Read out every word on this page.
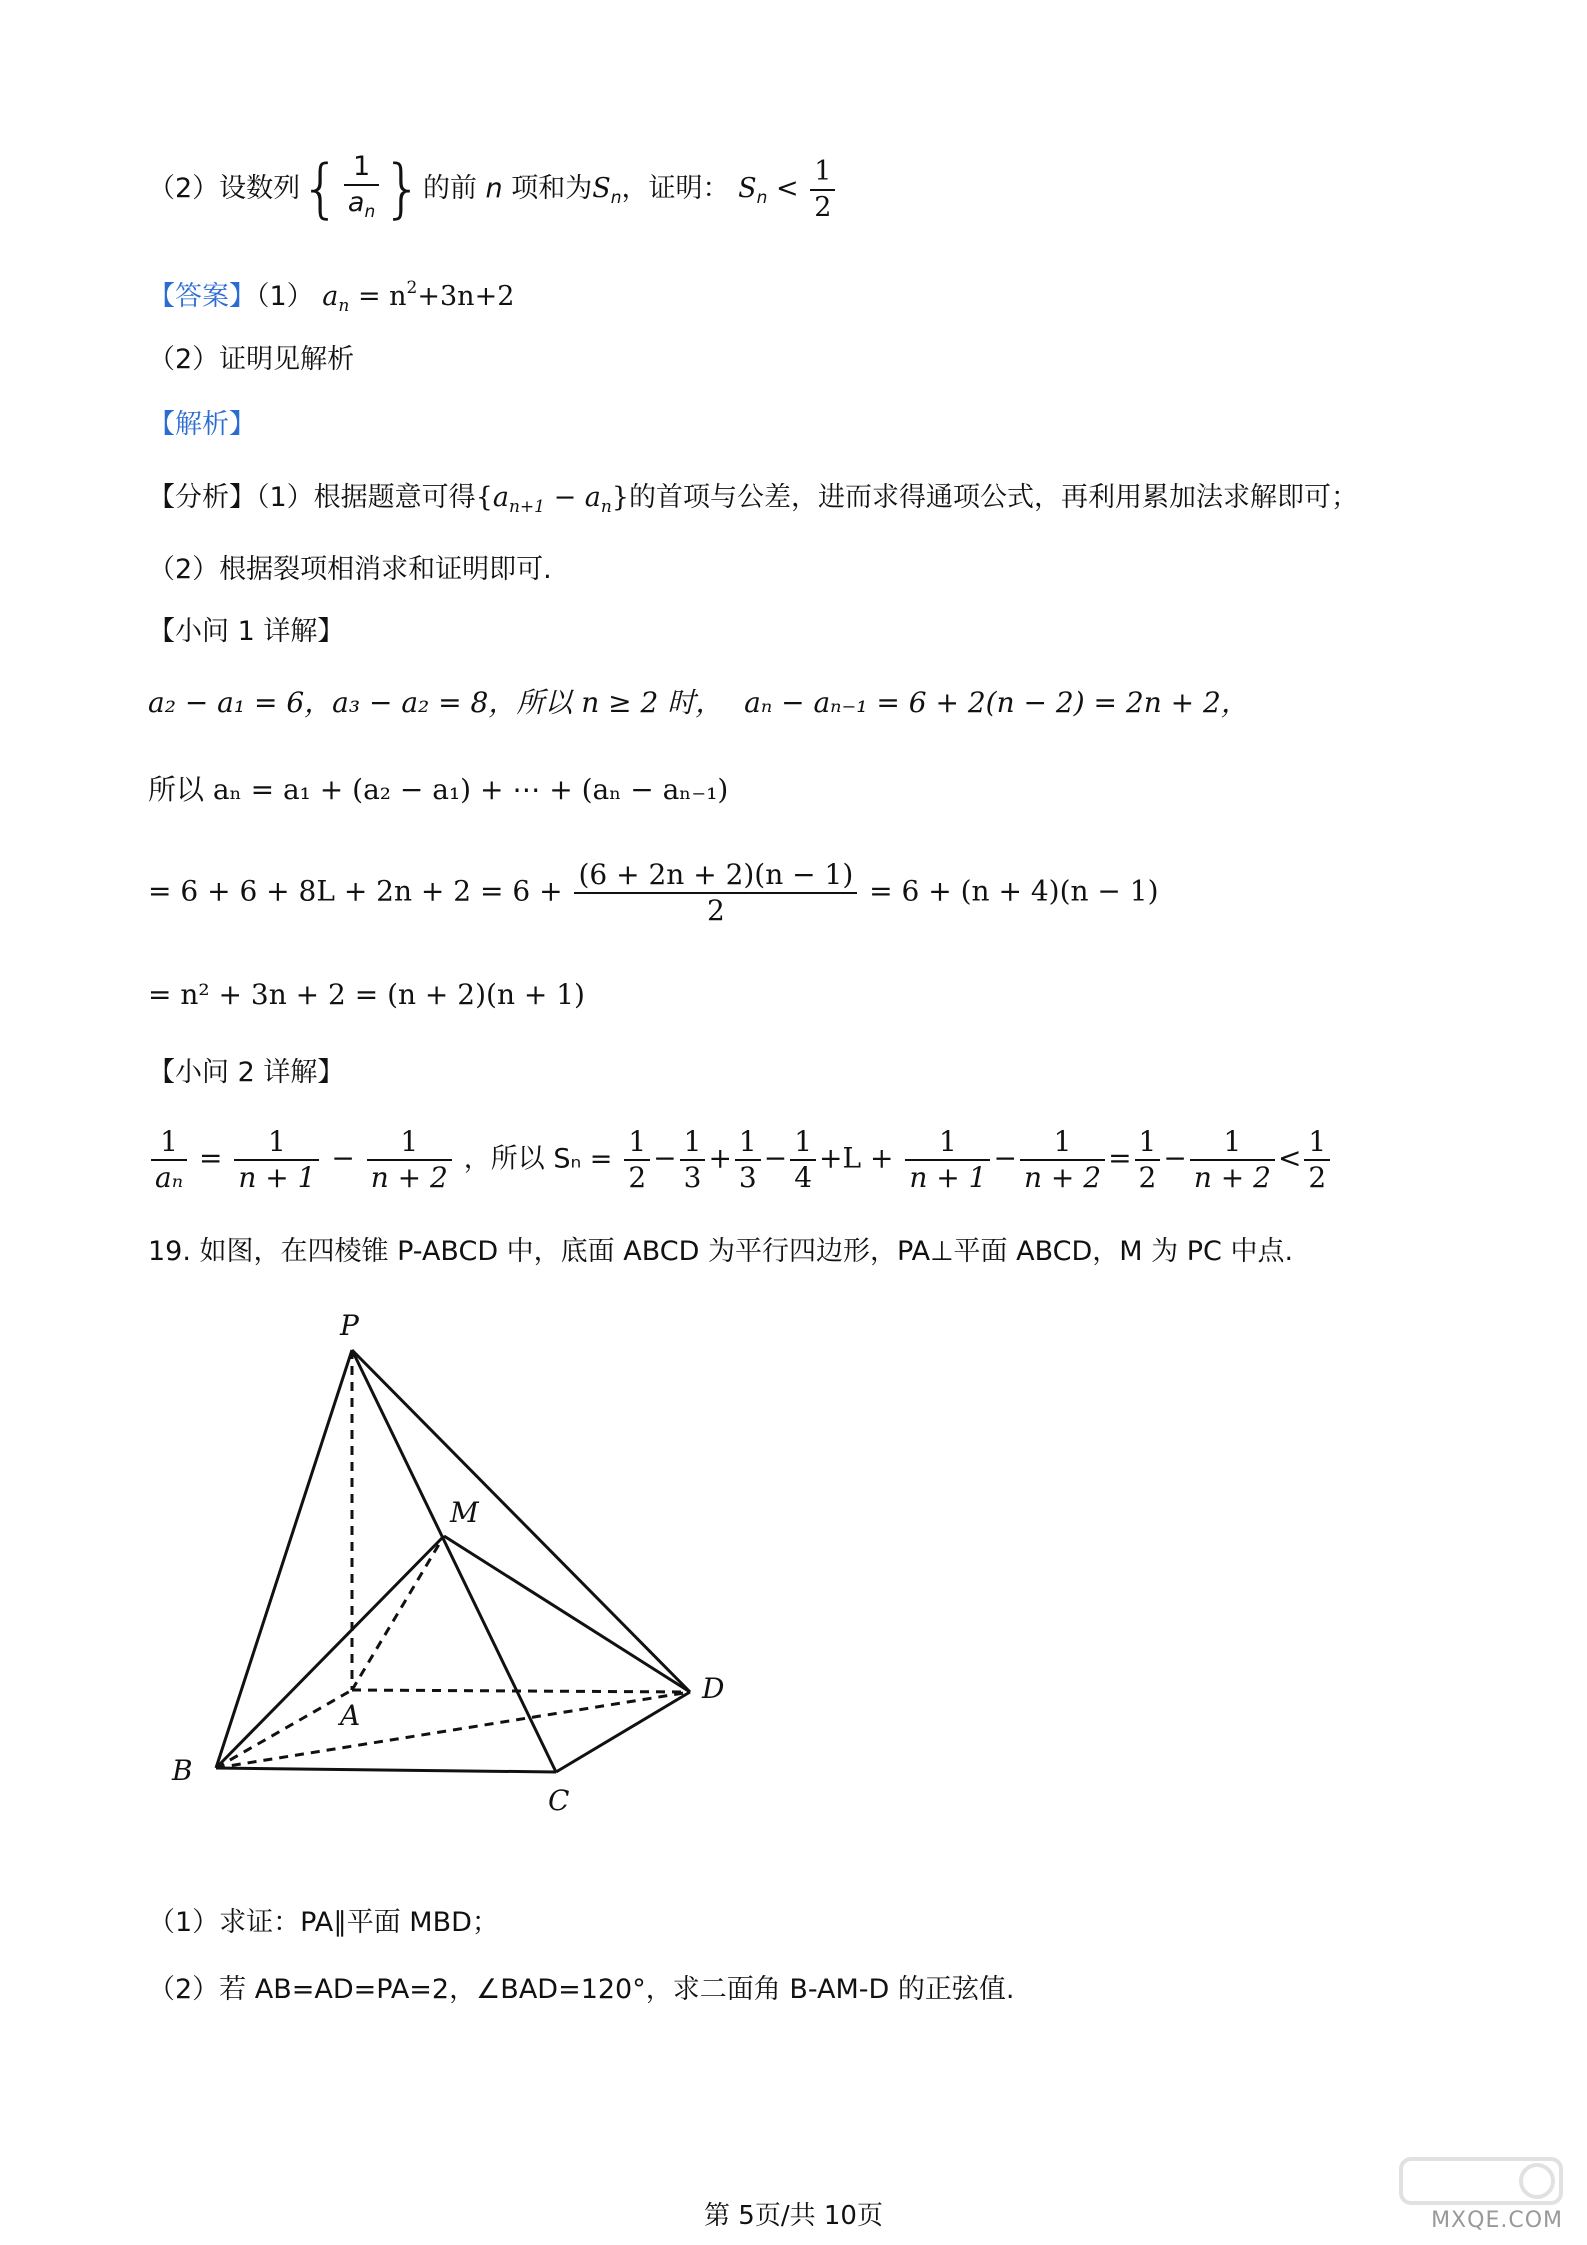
（2）设数列{ $\frac{1}{a_n}$ }的前 n 项和为$S_n$，证明： $S_n < \frac{1}{2}$
【答案】（1） $a_n = n^2+3n+2$
（2）证明见解析
【解析】
【分析】（1）根据题意可得$\{a_{n+1} - a_n\}$的首项与公差，进而求得通项公式，再利用累加法求解即可；
（2）根据裂项相消求和证明即可.
【小问 1 详解】
a₂ − a₁ = 6，a₃ − a₂ = 8，所以 n ≥ 2 时， aₙ − aₙ₋₁ = 6 + 2(n − 2) = 2n + 2，
所以 aₙ = a₁ + (a₂ − a₁) + ⋯ + (aₙ − aₙ₋₁)
= $6 + 6 + 8L + 2n + 2 = 6 + \frac{(6 + 2n + 2)(n - 1)}{2} = 6 + (n + 4)(n - 1)$
= n² + 3n + 2 = (n + 2)(n + 1)
【小问 2 详解】
$\frac{1}{\text{aₙ}} = \frac{1}{n + 1} - \frac{1}{n + 2}$ ，所以 $S_n = \frac{1}{2} - \frac{1}{3} + \frac{1}{3} - \frac{1}{4} +L + \frac{1}{n + 1} - \frac{1}{n + 2} = \frac{1}{2} - \frac{1}{n + 2} < \frac{1}{2}$
19. 如图，在四棱锥 P-ABCD 中，底面 ABCD 为平行四边形，PA⊥平面 ABCD，M 为 PC 中点.
P
M
A
B
C
D
（1）求证：PA∥平面 MBD；
（2）若 AB=AD=PA=2，∠BAD=120°，求二面角 B-AM-D 的正弦值.
第 5页/共 10页	MXQE.COM
